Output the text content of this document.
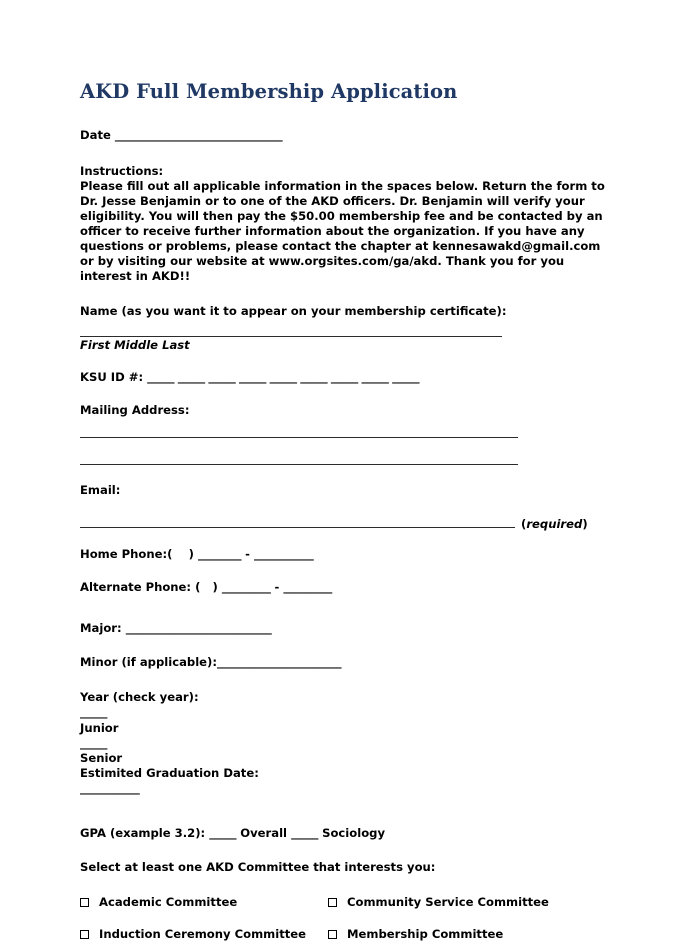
AKD Full Membership Application
Date _______________________________
Instructions:
Please fill out all applicable information in the spaces below. Return the form to Dr. Jesse Benjamin or to one of the AKD officers. Dr. Benjamin will verify your eligibility. You will then pay the $50.00 membership fee and be contacted by an officer to receive further information about the organization. If you have any questions or problems, please contact the chapter at kennesawakd@gmail.com or by visiting our website at www.orgsites.com/ga/akd. Thank you for you interest in AKD!!
Name (as you want it to appear on your membership certificate):
First Middle Last
KSU ID #: _____ _____ _____ _____ _____ _____ _____ _____ _____
Mailing Address:
Email:
(required)
Home Phone:( ) ________ - ___________
Alternate Phone: ( ) _________ - _________
Major: ___________________________
Minor (if applicable):_______________________
Year (check year):
_____
Junior
_____
Senior
Estimited Graduation Date:
___________
GPA (example 3.2): _____ Overall _____ Sociology
Select at least one AKD Committee that interests you:
Academic Committee	Community Service Committee
Induction Ceremony Committee	Membership Committee
